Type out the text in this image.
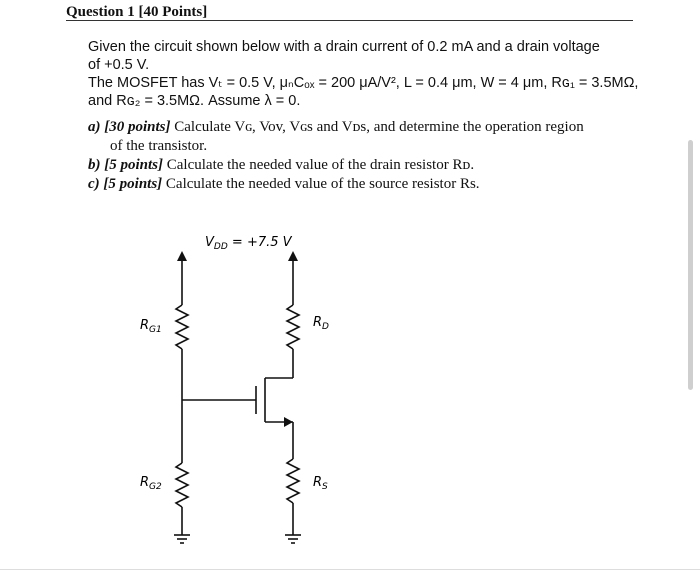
Question 1 [40 Points]
Given the circuit shown below with a drain current of 0.2 mA and a drain voltage
of +0.5 V.
The MOSFET has Vₜ = 0.5 V, μₙCₒₓ = 200 μA/V², L = 0.4 μm, W = 4 μm, Rɢ₁ = 3.5MΩ,
and Rɢ₂ = 3.5MΩ. Assume λ = 0.
a) [30 points] Calculate Vɢ, Vov, Vɢs and Vᴅs, and determine the operation region
of the transistor.
b) [5 points] Calculate the needed value of the drain resistor Rᴅ.
c) [5 points] Calculate the needed value of the source resistor Rs.
$V_{DD} = +7.5$ V
$R_{G1}$
$R_{G2}$
$R_D$
$R_S$
